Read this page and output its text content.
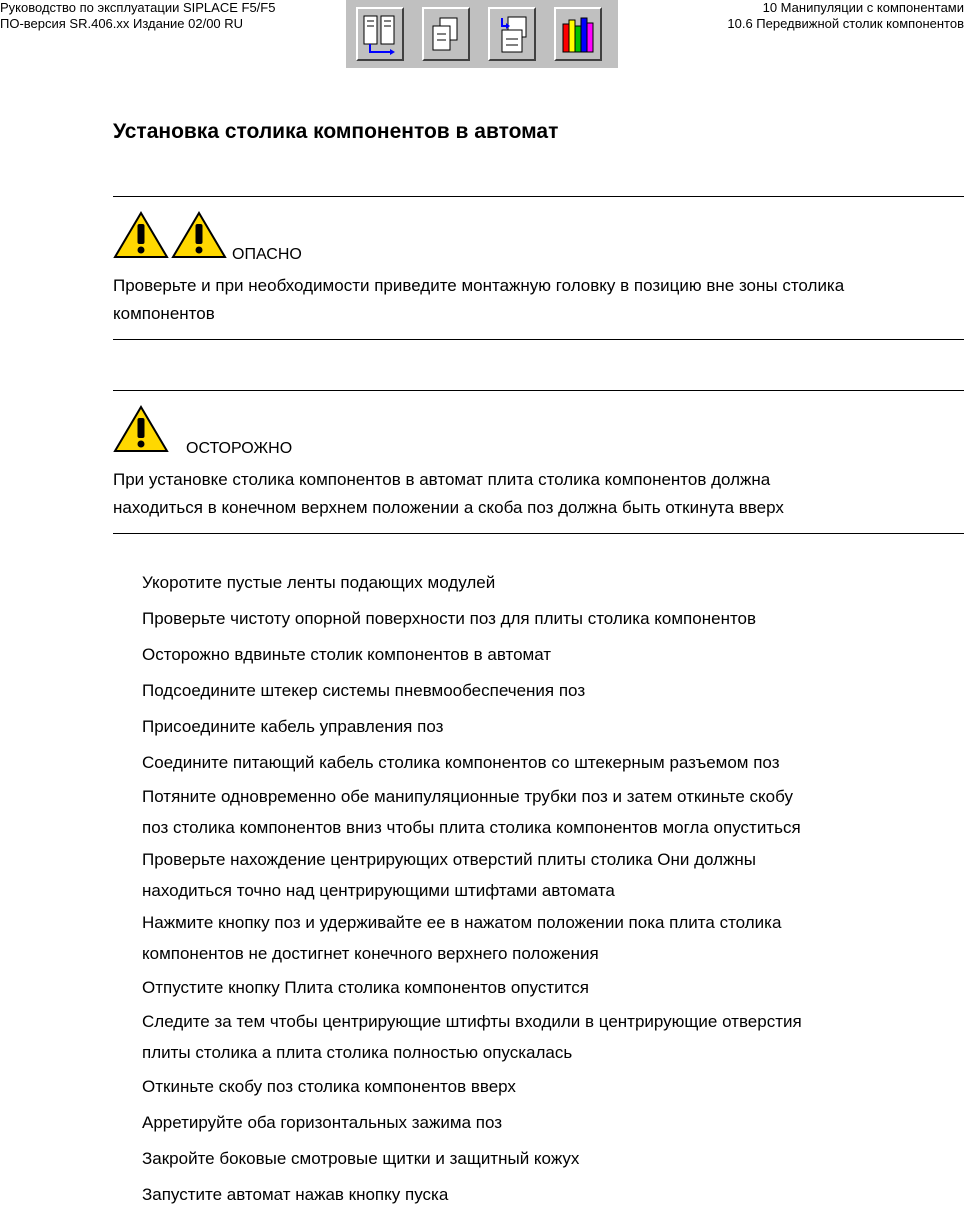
Руководство по эксплуатации SIPLACE F5/F5
ПО-версия SR.406.xx Издание 02/00 RU
10 Манипуляции с компонентами
10.6 Передвижной столик компонентов
Установка столика компонентов в автомат
ОПАСНО
Проверьте и при необходимости приведите монтажную головку в позицию вне зоны столика
компонентов
ОСТОРОЖНО
При установке столика компонентов в автомат плита столика компонентов должна
находиться в конечном верхнем положении а скоба поз должна быть откинута вверх
Укоротите пустые ленты подающих модулей
Проверьте чистоту опорной поверхности поз для плиты столика компонентов
Осторожно вдвиньте столик компонентов в автомат
Подсоедините штекер системы пневмообеспечения поз
Присоедините кабель управления поз
Соедините питающий кабель столика компонентов со штекерным разъемом поз
Потяните одновременно обе манипуляционные трубки поз и затем откиньте скобу
поз столика компонентов вниз чтобы плита столика компонентов могла опуститься
Проверьте нахождение центрирующих отверстий плиты столика Они должны
находиться точно над центрирующими штифтами автомата
Нажмите кнопку поз и удерживайте ее в нажатом положении пока плита столика
компонентов не достигнет конечного верхнего положения
Отпустите кнопку Плита столика компонентов опустится
Следите за тем чтобы центрирующие штифты входили в центрирующие отверстия
плиты столика а плита столика полностью опускалась
Откиньте скобу поз столика компонентов вверх
Арретируйте оба горизонтальных зажима поз
Закройте боковые смотровые щитки и защитный кожух
Запустите автомат нажав кнопку пуска
